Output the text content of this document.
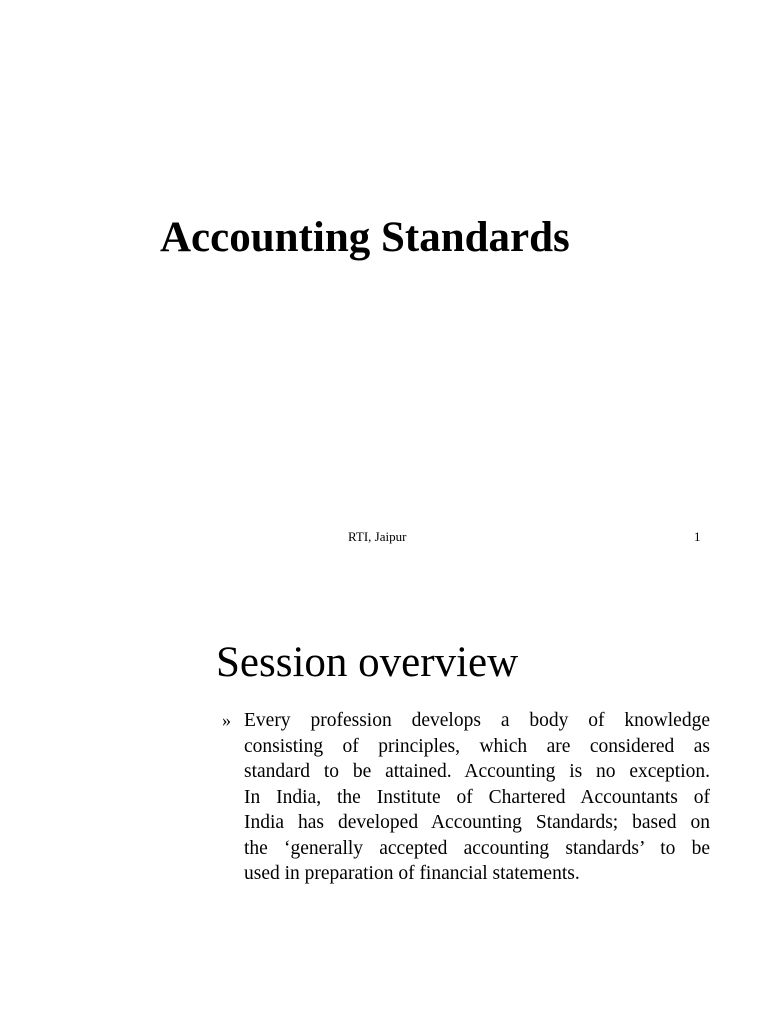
Accounting Standards
RTI, Jaipur	1
Session overview
» Every profession develops a body of knowledge
consisting of principles, which are considered as
standard to be attained. Accounting is no exception.
In India, the Institute of Chartered Accountants of
India has developed Accounting Standards; based on
the ‘generally accepted accounting standards’ to be
used in preparation of financial statements.
